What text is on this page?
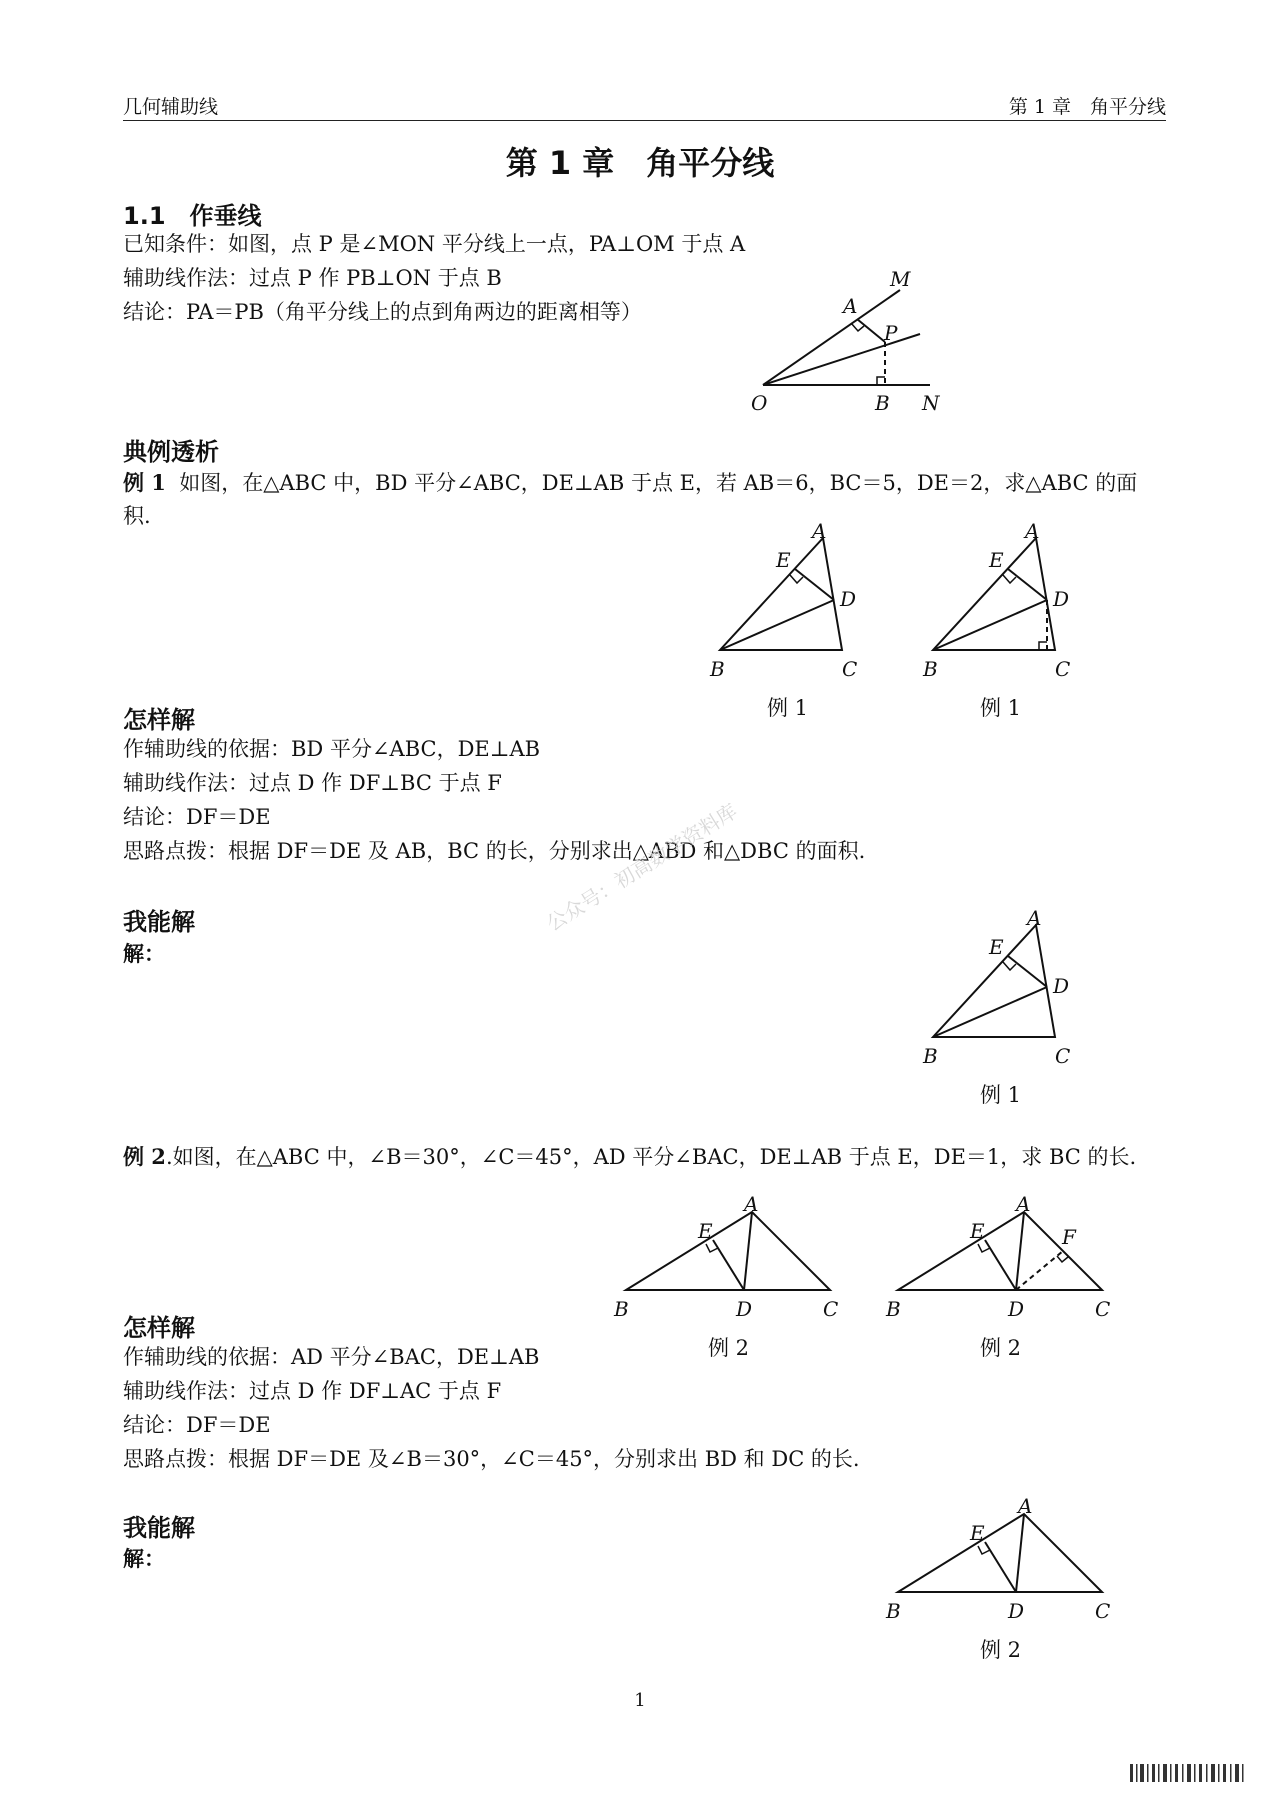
几何辅助线	第 1 章　角平分线
第 1 章　角平分线
1.1　作垂线
已知条件：如图，点 P 是∠MON 平分线上一点，PA⊥OM 于点 A
辅助线作法：过点 P 作 PB⊥ON 于点 B
结论：PA＝PB（角平分线上的点到角两边的距离相等）
M
A
P
O	B N
典例透析
例 1 如图，在△ABC 中，BD 平分∠ABC，DE⊥AB 于点 E，若 AB＝6，BC＝5，DE＝2，求△ABC 的面
积.
A
E
D
B	C
A
E
D
B	C
例 1	例 1
怎样解
作辅助线的依据：BD 平分∠ABC，DE⊥AB
辅助线作法：过点 D 作 DF⊥BC 于点 F
结论：DF＝DE
思路点拨：根据 DF＝DE 及 AB，BC 的长，分别求出△ABD 和△DBC 的面积.
我能解
解：
公众号：初高数学资料库	A
E
D
B	C
例 1
例 2.如图，在△ABC 中，∠B＝30°，∠C＝45°，AD 平分∠BAC，DE⊥AB 于点 E，DE＝1，求 BC 的长.
A
E
B	D	C
A
E	F
B	D	C
例 2	例 2
怎样解
作辅助线的依据：AD 平分∠BAC，DE⊥AB
辅助线作法：过点 D 作 DF⊥AC 于点 F
结论：DF＝DE
思路点拨：根据 DF＝DE 及∠B＝30°，∠C＝45°，分别求出 BD 和 DC 的长.
我能解
解：
A
E
B	D	C
例 2
1
